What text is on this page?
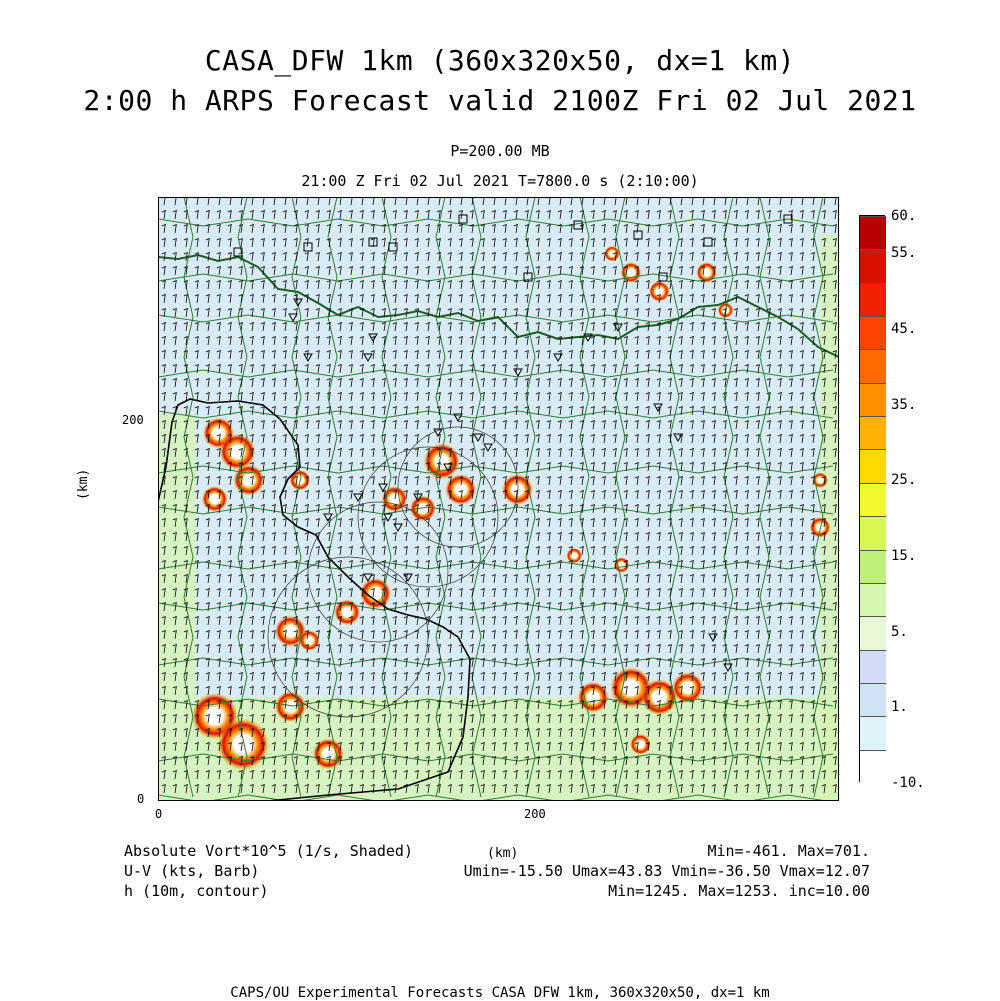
CASA_DFW 1km (360x320x50, dx=1 km)
2:00 h ARPS Forecast valid 2100Z Fri 02 Jul 2021
P=200.00 MB
21:00 Z Fri 02 Jul 2021 T=7800.0 s (2:10:00)
200
0
0	200
(km)
60.
55.
45.
35.
25.
15.
5.
1.
-10.
Absolute Vort*10^5 (1/s, Shaded)	(km)	Min=-461. Max=701.
U-V (kts, Barb)	Umin=-15.50 Umax=43.83 Vmin=-36.50 Vmax=12.07
h (10m, contour)	Min=1245. Max=1253. inc=10.00
CAPS/OU Experimental Forecasts CASA DFW 1km, 360x320x50, dx=1 km
